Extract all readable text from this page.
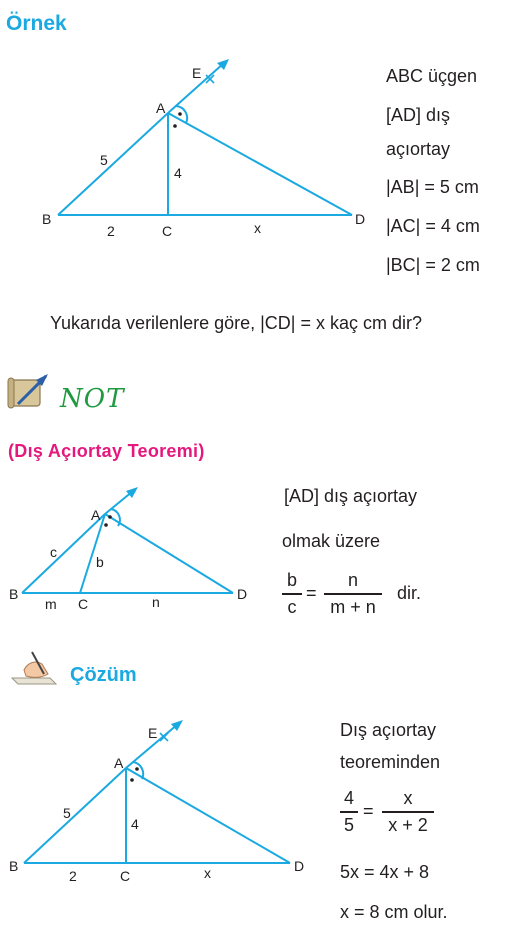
Örnek
E
A
B
C
D
5
4
2	x
ABC üçgen
[AD] dış
açıortay
|AB| = 5 cm
|AC| = 4 cm
|BC| = 2 cm
Yukarıda verilenlere göre, |CD| = x kaç cm dir?
NOT
(Dış Açıortay Teoremi)
A
B
C
D
c
b
m	n
[AD] dış açıortay
olmak üzere
b
c
=
n
m + n
dir.
Çözüm
E
A
B
C
D
5
4
2	x
Dış açıortay
teoreminden
4
5
=
x
x + 2
5x = 4x + 8
x = 8 cm olur.
